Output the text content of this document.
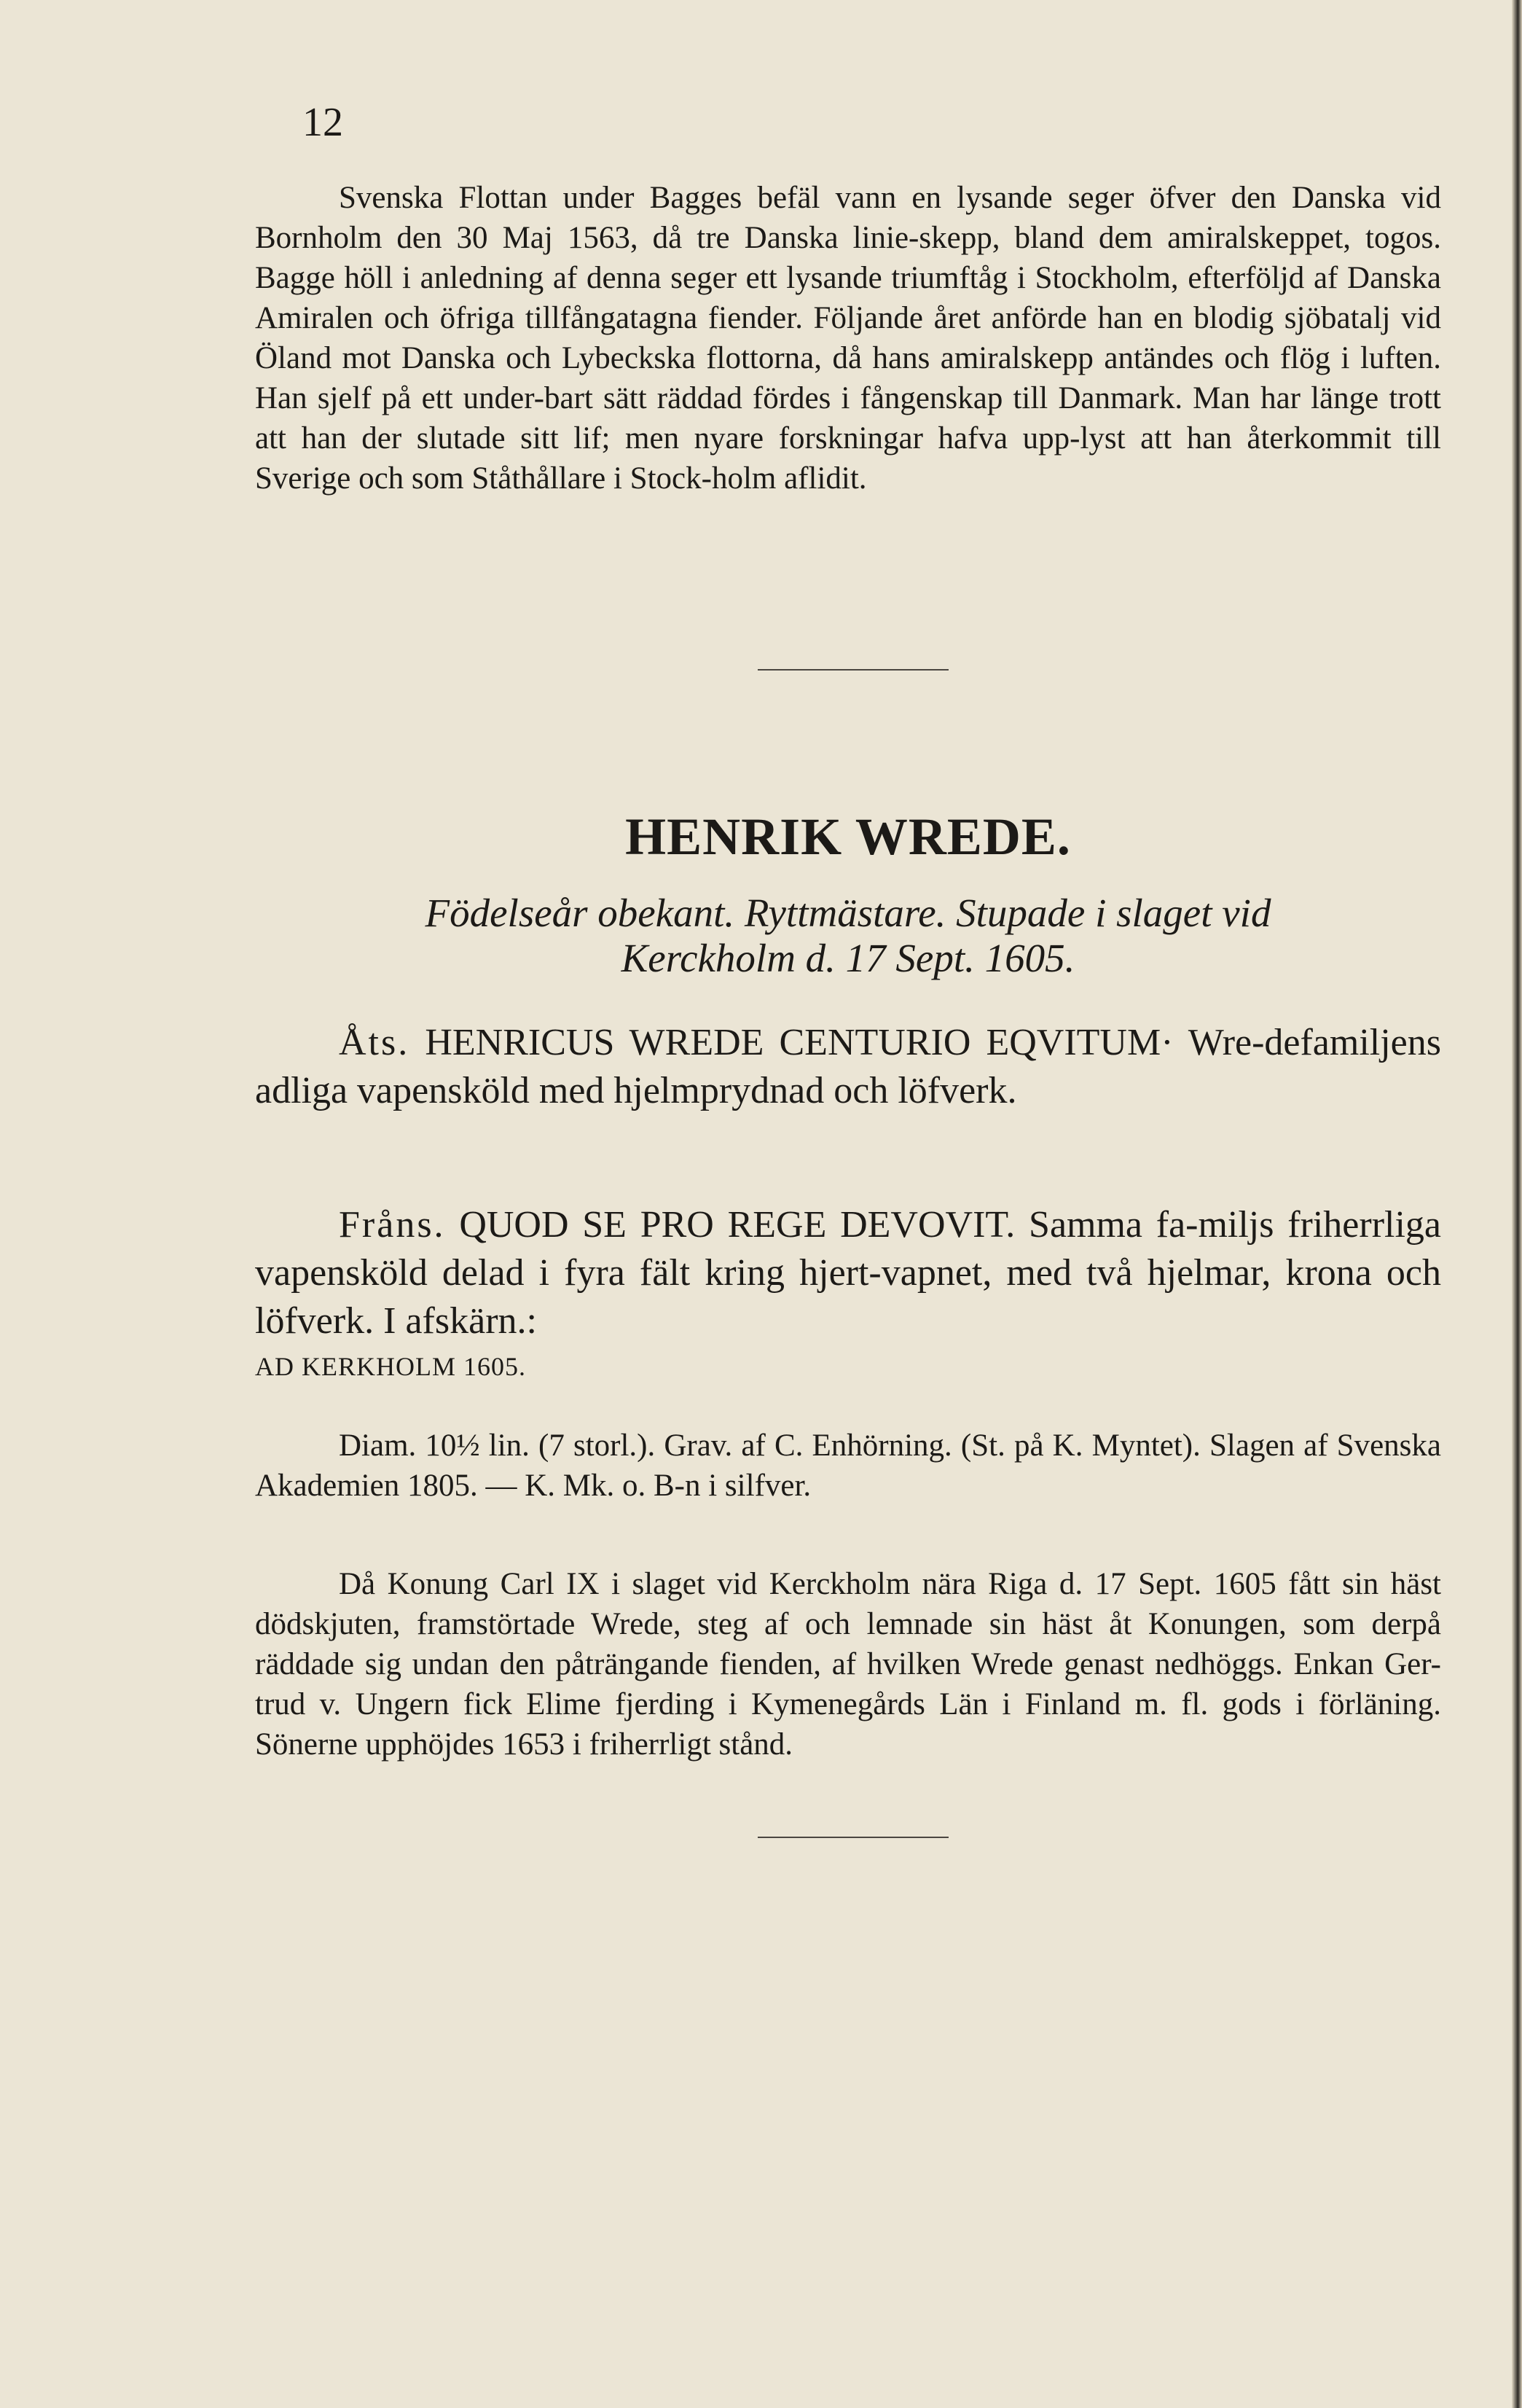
12

Svenska Flottan under Bagges befäl vann en lysande seger öfver den Danska vid Bornholm den 30 Maj 1563, då tre Danska linie-skepp, bland dem amiralskeppet, togos. Bagge höll i anledning af denna seger ett lysande triumftåg i Stockholm, efterföljd af Danska Amiralen och öfriga tillfångatagna fiender. Följande året anförde han en blodig sjöbatalj vid Öland mot Danska och Lybeckska flottorna, då hans amiralskepp antändes och flög i luften. Han sjelf på ett under-bart sätt räddad fördes i fångenskap till Danmark. Man har länge trott att han der slutade sitt lif; men nyare forskningar hafva upp-lyst att han återkommit till Sverige och som Ståthållare i Stock-holm aflidit.

HENRIK WREDE.

Födelseår obekant. Ryttmästare. Stupade i slaget vid
Kerckholm d. 17 Sept. 1605.

Åts. HENRICUS WREDE CENTURIO EQVITUM· Wre-defamiljens adliga vapensköld med hjelmprydnad och löfverk.

Fråns. QUOD SE PRO REGE DEVOVIT. Samma fa-miljs friherrliga vapensköld delad i fyra fält kring hjert-vapnet, med två hjelmar, krona och löfverk. I afskärn.:

AD KERKHOLM 1605.

Diam. 10½ lin. (7 storl.). Grav. af C. Enhörning. (St. på K. Myntet). Slagen af Svenska Akademien 1805. — K. Mk. o. B-n i silfver.

Då Konung Carl IX i slaget vid Kerckholm nära Riga d. 17 Sept. 1605 fått sin häst dödskjuten, framstörtade Wrede, steg af och lemnade sin häst åt Konungen, som derpå räddade sig undan den påträngande fienden, af hvilken Wrede genast nedhöggs. Enkan Ger-trud v. Ungern fick Elime fjerding i Kymenegårds Län i Finland m. fl. gods i förläning. Sönerne upphöjdes 1653 i friherrligt stånd.
